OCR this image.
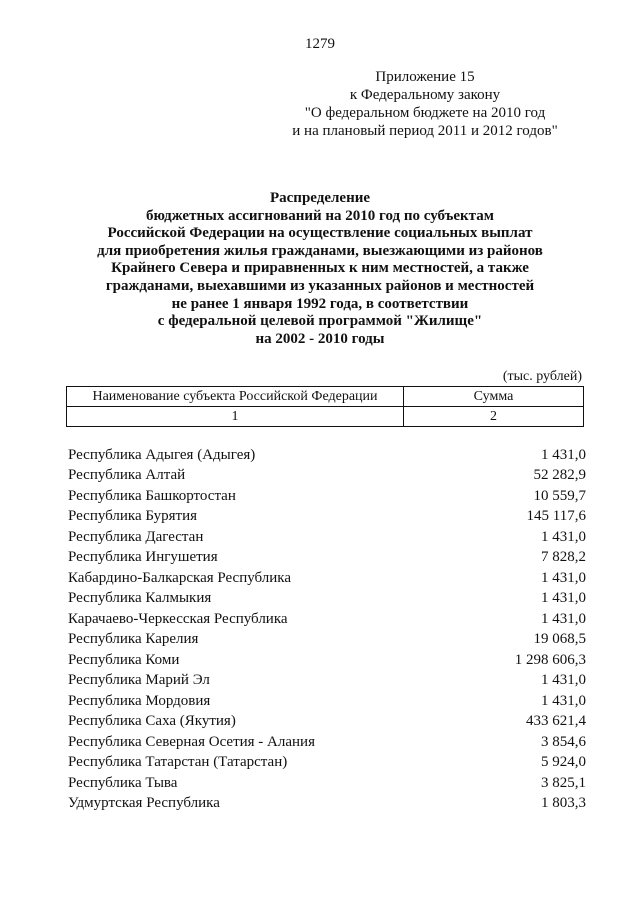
1279
Приложение 15
к Федеральному закону
"О федеральном бюджете на 2010 год
и на плановый период 2011 и 2012 годов"
Распределение
бюджетных ассигнований на 2010 год по субъектам
Российской Федерации на осуществление социальных выплат
для приобретения жилья гражданами, выезжающими из районов
Крайнего Севера и приравненных к ним местностей, а также
гражданами, выехавшими из указанных районов и местностей
не ранее 1 января 1992 года, в соответствии
с федеральной целевой программой "Жилище"
на 2002 - 2010 годы
(тыс. рублей)
Наименование субъекта Российской Федерации	Сумма
1	2
Республика Адыгея (Адыгея)	1 431,0
Республика Алтай	52 282,9
Республика Башкортостан	10 559,7
Республика Бурятия	145 117,6
Республика Дагестан	1 431,0
Республика Ингушетия	7 828,2
Кабардино-Балкарская Республика	1 431,0
Республика Калмыкия	1 431,0
Карачаево-Черкесская Республика	1 431,0
Республика Карелия	19 068,5
Республика Коми	1 298 606,3
Республика Марий Эл	1 431,0
Республика Мордовия	1 431,0
Республика Саха (Якутия)	433 621,4
Республика Северная Осетия - Алания	3 854,6
Республика Татарстан (Татарстан)	5 924,0
Республика Тыва	3 825,1
Удмуртская Республика	1 803,3
